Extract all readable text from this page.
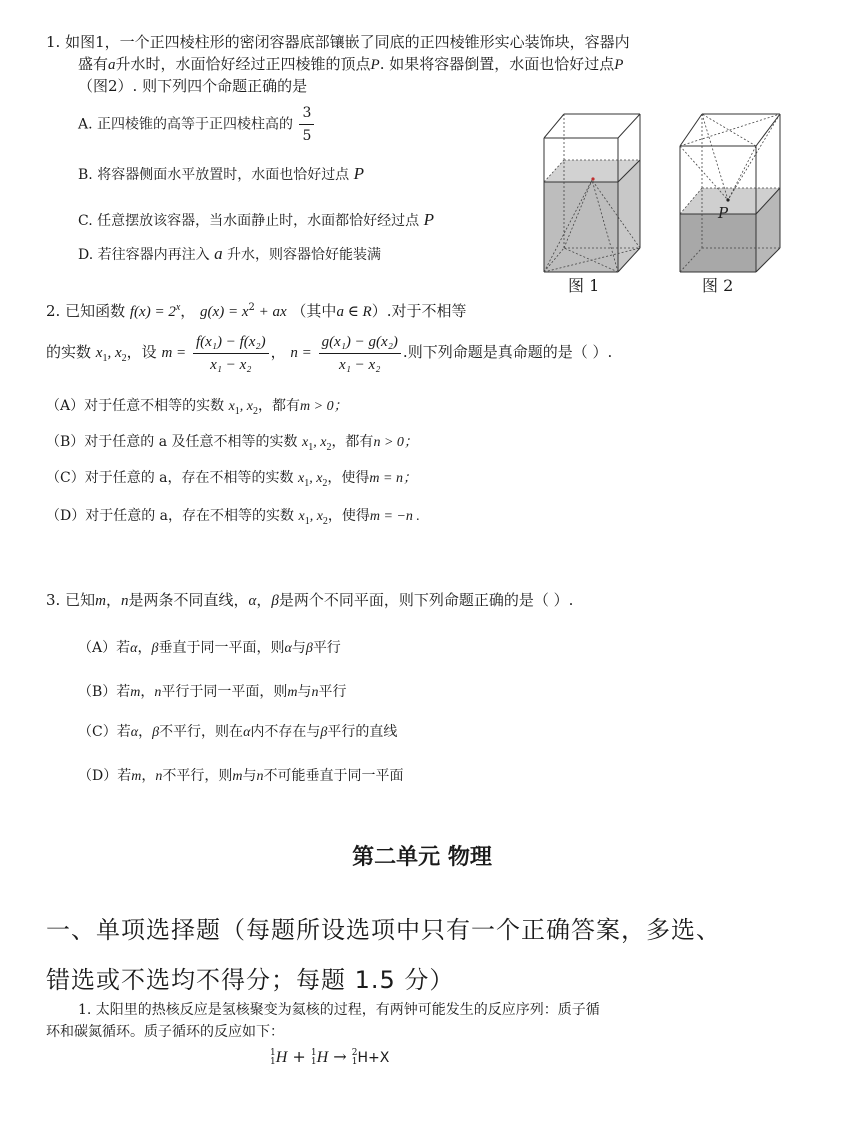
1. 如图1，一个正四棱柱形的密闭容器底部镶嵌了同底的正四棱锥形实心装饰块，容器内
盛有a升水时，水面恰好经过正四棱锥的顶点P. 如果将容器倒置，水面也恰好过点P
（图2）. 则下列四个命题正确的是
A. 正四棱锥的高等于正四棱柱高的 $\frac{3}{5}$
B. 将容器侧面水平放置时，水面也恰好过点 P
C. 任意摆放该容器，当水面静止时，水面都恰好经过点 P
D. 若往容器内再注入 a 升水，则容器恰好能装满
图 1
P
图 2
2. 已知函数 $f(x) = 2^x$， $g(x) = x^2$ + ax （其中a ∈ R）.对于不相等
的实数 $x_1$, $x_2$，设 $m = \frac{\text{f(x₁) − f(x₂)}}{\text{x₁ − x₂}}$ ， $n = \frac{\text{g(x₁) − g(x₂)}}{\text{x₁ − x₂}}$ .则下列命题是真命题的是（ ）.
（A）对于任意不相等的实数 $x_1$, $x_2$，都有m > 0；
（B）对于任意的 a 及任意不相等的实数 $x_1$, $x_2$，都有n > 0；
（C）对于任意的 a，存在不相等的实数 $x_1$, $x_2$，使得m = n；
（D）对于任意的 a，存在不相等的实数 $x_1$, $x_2$，使得m = −n .
3. 已知m，n是两条不同直线，α，β是两个不同平面，则下列命题正确的是（ ）.
（A）若α，β垂直于同一平面，则α与β平行
（B）若m，n平行于同一平面，则m与n平行
（C）若α，β不平行，则在α内不存在与β平行的直线
（D）若m，n不平行，则m与n不可能垂直于同一平面
第二单元 物理
一、单项选择题（每题所设选项中只有一个正确答案，多选、
错选或不选均不得分；每题 1.5 分）
1. 太阳里的热核反应是氢核聚变为氦核的过程，有两钟可能发生的反应序列：质子循
环和碳氮循环。质子循环的反应如下：
1
1H + 1
1H → 2
1H+X
